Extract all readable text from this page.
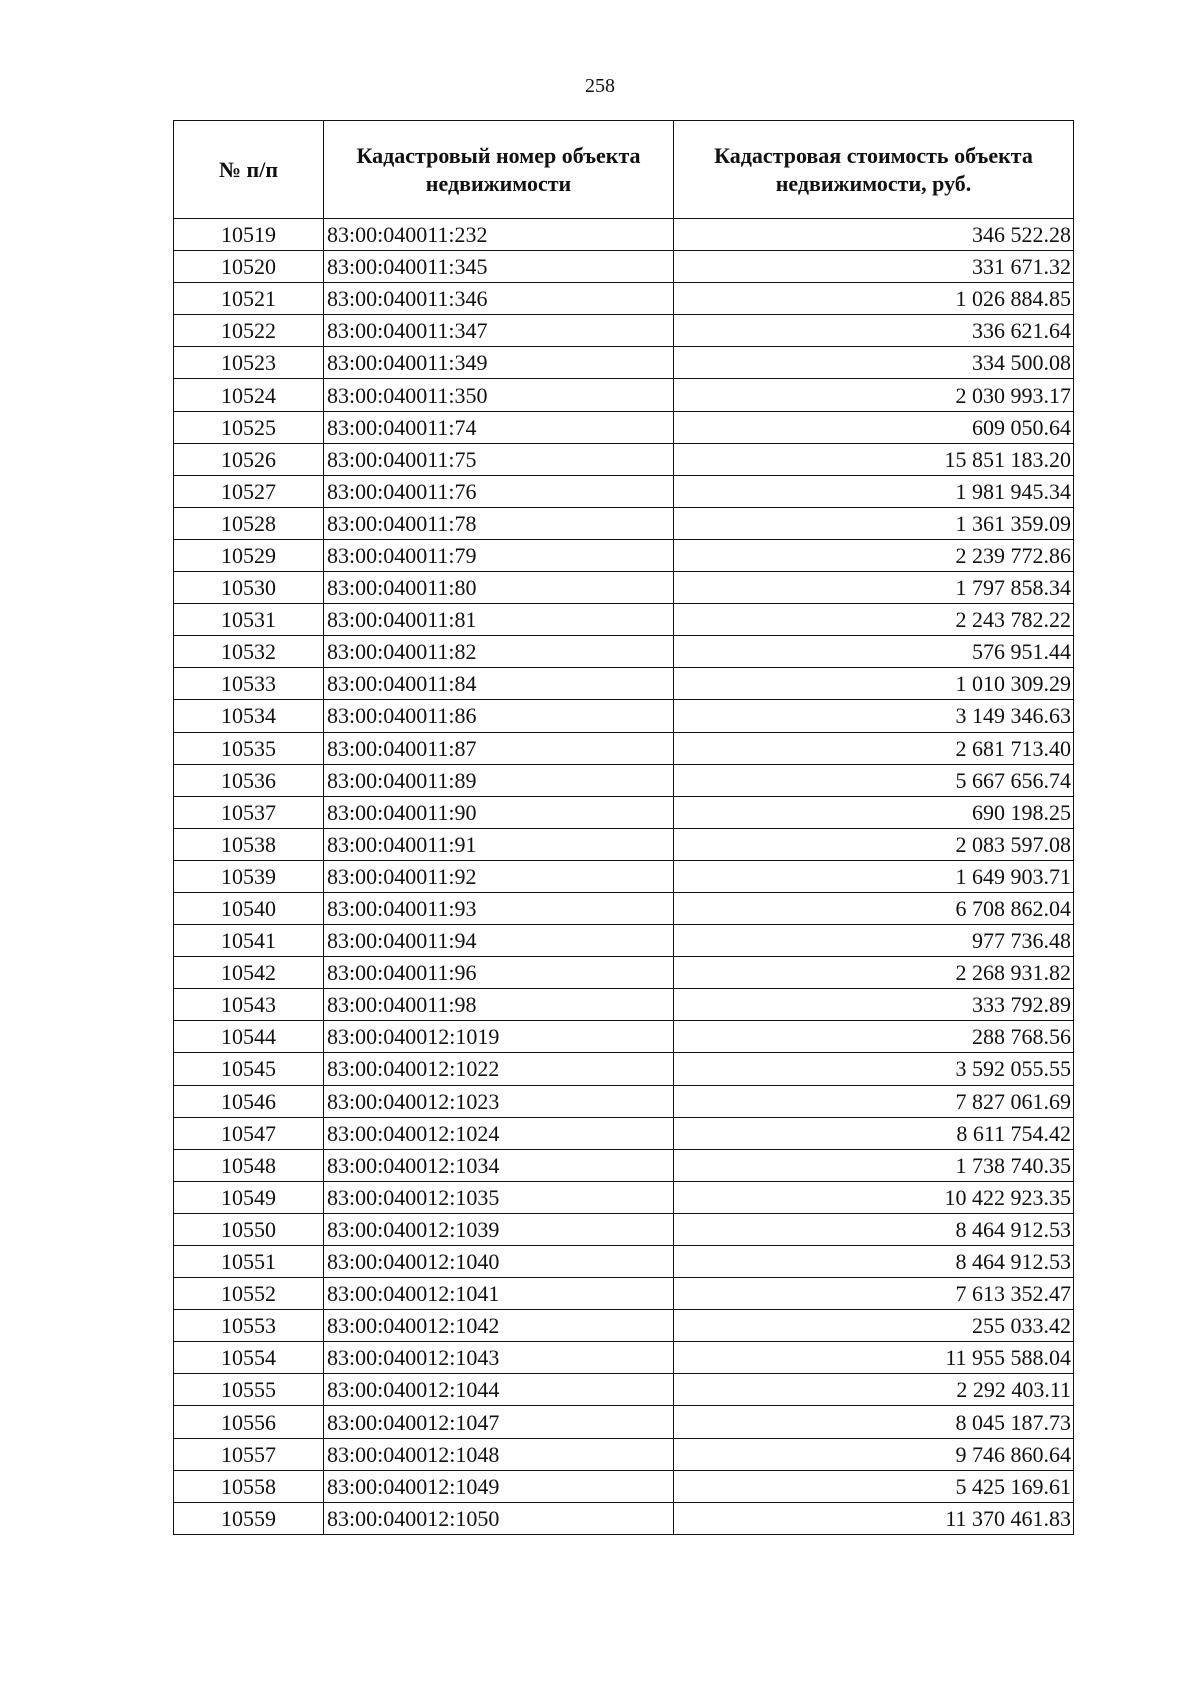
258
№ п/п	Кадастровый номер объекта недвижимости	Кадастровая стоимость объекта недвижимости, руб.
10519	83:00:040011:232	346 522.28
10520	83:00:040011:345	331 671.32
10521	83:00:040011:346	1 026 884.85
10522	83:00:040011:347	336 621.64
10523	83:00:040011:349	334 500.08
10524	83:00:040011:350	2 030 993.17
10525	83:00:040011:74	609 050.64
10526	83:00:040011:75	15 851 183.20
10527	83:00:040011:76	1 981 945.34
10528	83:00:040011:78	1 361 359.09
10529	83:00:040011:79	2 239 772.86
10530	83:00:040011:80	1 797 858.34
10531	83:00:040011:81	2 243 782.22
10532	83:00:040011:82	576 951.44
10533	83:00:040011:84	1 010 309.29
10534	83:00:040011:86	3 149 346.63
10535	83:00:040011:87	2 681 713.40
10536	83:00:040011:89	5 667 656.74
10537	83:00:040011:90	690 198.25
10538	83:00:040011:91	2 083 597.08
10539	83:00:040011:92	1 649 903.71
10540	83:00:040011:93	6 708 862.04
10541	83:00:040011:94	977 736.48
10542	83:00:040011:96	2 268 931.82
10543	83:00:040011:98	333 792.89
10544	83:00:040012:1019	288 768.56
10545	83:00:040012:1022	3 592 055.55
10546	83:00:040012:1023	7 827 061.69
10547	83:00:040012:1024	8 611 754.42
10548	83:00:040012:1034	1 738 740.35
10549	83:00:040012:1035	10 422 923.35
10550	83:00:040012:1039	8 464 912.53
10551	83:00:040012:1040	8 464 912.53
10552	83:00:040012:1041	7 613 352.47
10553	83:00:040012:1042	255 033.42
10554	83:00:040012:1043	11 955 588.04
10555	83:00:040012:1044	2 292 403.11
10556	83:00:040012:1047	8 045 187.73
10557	83:00:040012:1048	9 746 860.64
10558	83:00:040012:1049	5 425 169.61
10559	83:00:040012:1050	11 370 461.83
